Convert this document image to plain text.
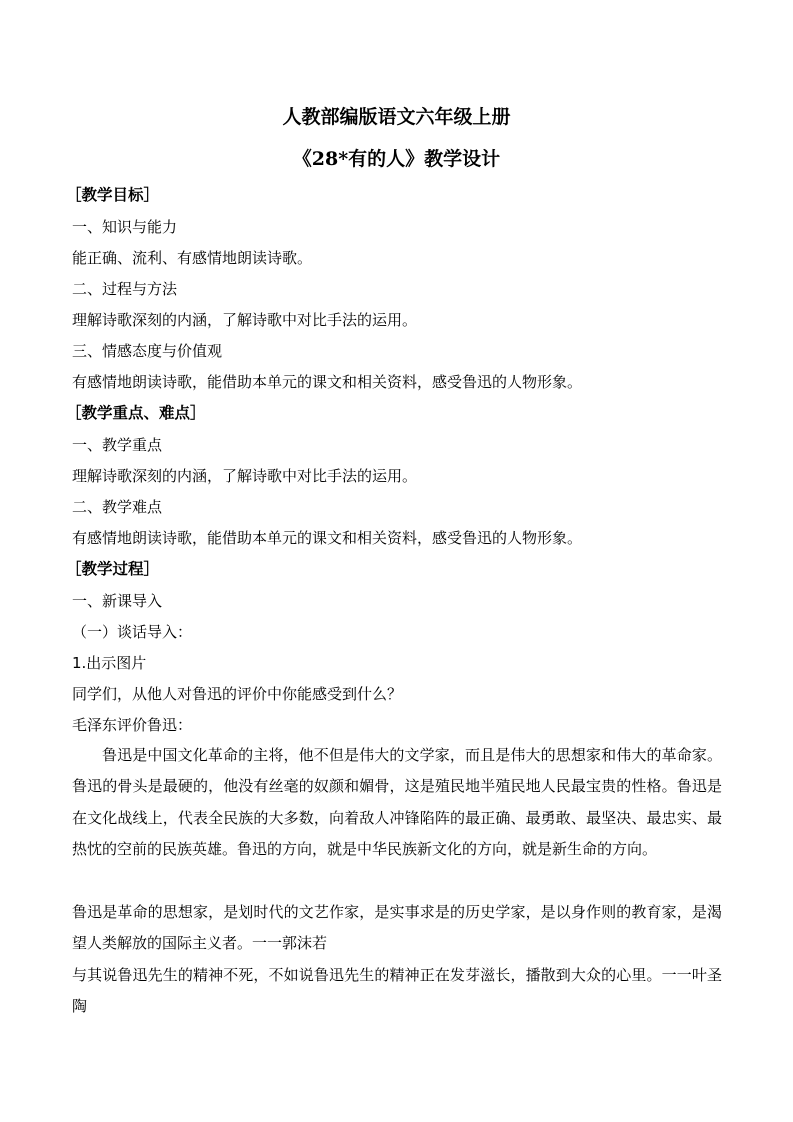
人教部编版语文六年级上册
《28*有的人》教学设计
［教学目标］
一、知识与能力
能正确、流利、有感情地朗读诗歌。
二、过程与方法
理解诗歌深刻的内涵，了解诗歌中对比手法的运用。
三、情感态度与价值观
有感情地朗读诗歌，能借助本单元的课文和相关资料，感受鲁迅的人物形象。
［教学重点、难点］
一、教学重点
理解诗歌深刻的内涵，了解诗歌中对比手法的运用。
二、教学难点
有感情地朗读诗歌，能借助本单元的课文和相关资料，感受鲁迅的人物形象。
［教学过程］
一、新课导入
（一）谈话导入：
1.出示图片
同学们，从他人对鲁迅的评价中你能感受到什么？
毛泽东评价鲁迅：
鲁迅是中国文化革命的主将，他不但是伟大的文学家，而且是伟大的思想家和伟大的革命家。鲁迅的骨头是最硬的，他没有丝毫的奴颜和媚骨，这是殖民地半殖民地人民最宝贵的性格。鲁迅是在文化战线上，代表全民族的大多数，向着敌人冲锋陷阵的最正确、最勇敢、最坚决、最忠实、最热忱的空前的民族英雄。鲁迅的方向，就是中华民族新文化的方向，就是新生命的方向。
鲁迅是革命的思想家，是划时代的文艺作家，是实事求是的历史学家，是以身作则的教育家，是渴望人类解放的国际主义者。一一郭沫若
与其说鲁迅先生的精神不死，不如说鲁迅先生的精神正在发芽滋长，播散到大众的心里。一一叶圣陶
